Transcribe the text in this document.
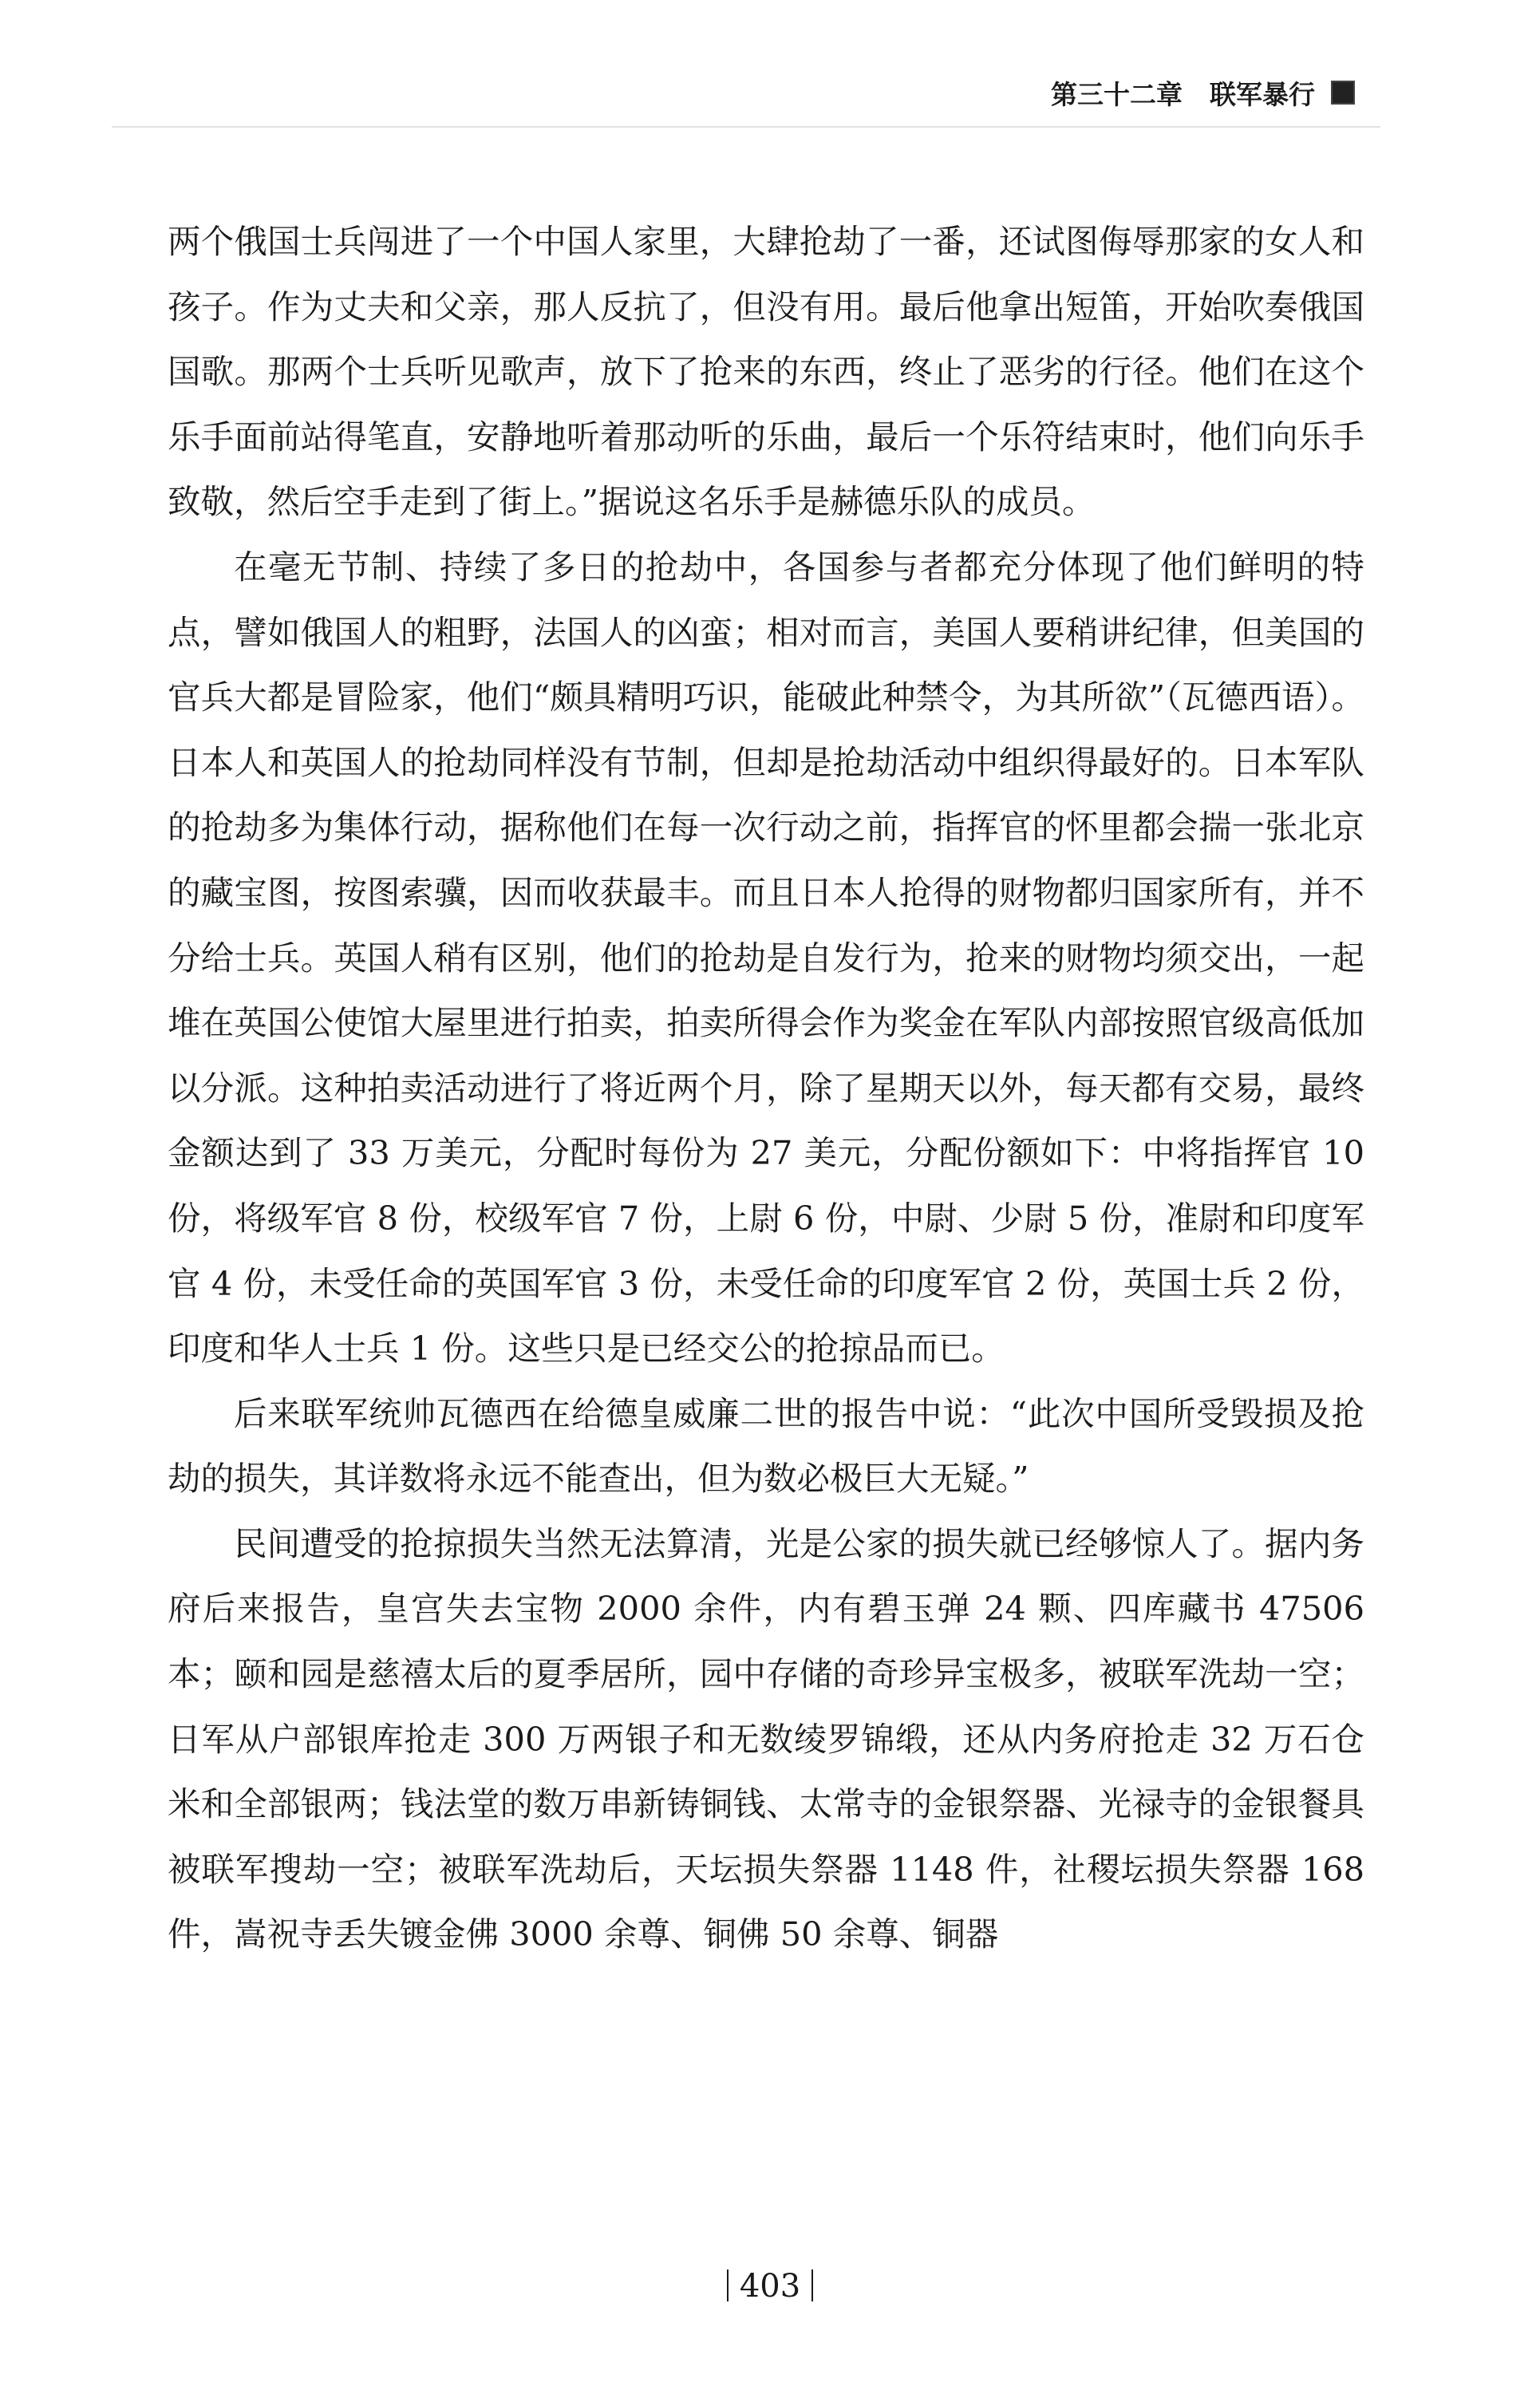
第三十二章 联军暴行

两个俄国士兵闯进了一个中国人家里，大肆抢劫了一番，还试图侮辱那家的女人和孩子。作为丈夫和父亲，那人反抗了，但没有用。最后他拿出短笛，开始吹奏俄国国歌。那两个士兵听见歌声，放下了抢来的东西，终止了恶劣的行径。他们在这个乐手面前站得笔直，安静地听着那动听的乐曲，最后一个乐符结束时，他们向乐手致敬，然后空手走到了街上。”据说这名乐手是赫德乐队的成员。

在毫无节制、持续了多日的抢劫中，各国参与者都充分体现了他们鲜明的特点，譬如俄国人的粗野，法国人的凶蛮；相对而言，美国人要稍讲纪律，但美国的官兵大都是冒险家，他们“颇具精明巧识，能破此种禁令，为其所欲”（瓦德西语）。日本人和英国人的抢劫同样没有节制，但却是抢劫活动中组织得最好的。日本军队的抢劫多为集体行动，据称他们在每一次行动之前，指挥官的怀里都会揣一张北京的藏宝图，按图索骥，因而收获最丰。而且日本人抢得的财物都归国家所有，并不分给士兵。英国人稍有区别，他们的抢劫是自发行为，抢来的财物均须交出，一起堆在英国公使馆大屋里进行拍卖，拍卖所得会作为奖金在军队内部按照官级高低加以分派。这种拍卖活动进行了将近两个月，除了星期天以外，每天都有交易，最终金额达到了 33 万美元，分配时每份为 27 美元，分配份额如下：中将指挥官 10 份，将级军官 8 份，校级军官 7 份，上尉 6 份，中尉、少尉 5 份，准尉和印度军官 4 份，未受任命的英国军官 3 份，未受任命的印度军官 2 份，英国士兵 2 份，印度和华人士兵 1 份。这些只是已经交公的抢掠品而已。

后来联军统帅瓦德西在给德皇威廉二世的报告中说：“此次中国所受毁损及抢劫的损失，其详数将永远不能查出，但为数必极巨大无疑。”

民间遭受的抢掠损失当然无法算清，光是公家的损失就已经够惊人了。据内务府后来报告，皇宫失去宝物 2000 余件，内有碧玉弹 24 颗、四库藏书 47506 本；颐和园是慈禧太后的夏季居所，园中存储的奇珍异宝极多，被联军洗劫一空；日军从户部银库抢走 300 万两银子和无数绫罗锦缎，还从内务府抢走 32 万石仓米和全部银两；钱法堂的数万串新铸铜钱、太常寺的金银祭器、光禄寺的金银餐具被联军搜劫一空；被联军洗劫后，天坛损失祭器 1148 件，社稷坛损失祭器 168 件，嵩祝寺丢失镀金佛 3000 余尊、铜佛 50 余尊、铜器

403
